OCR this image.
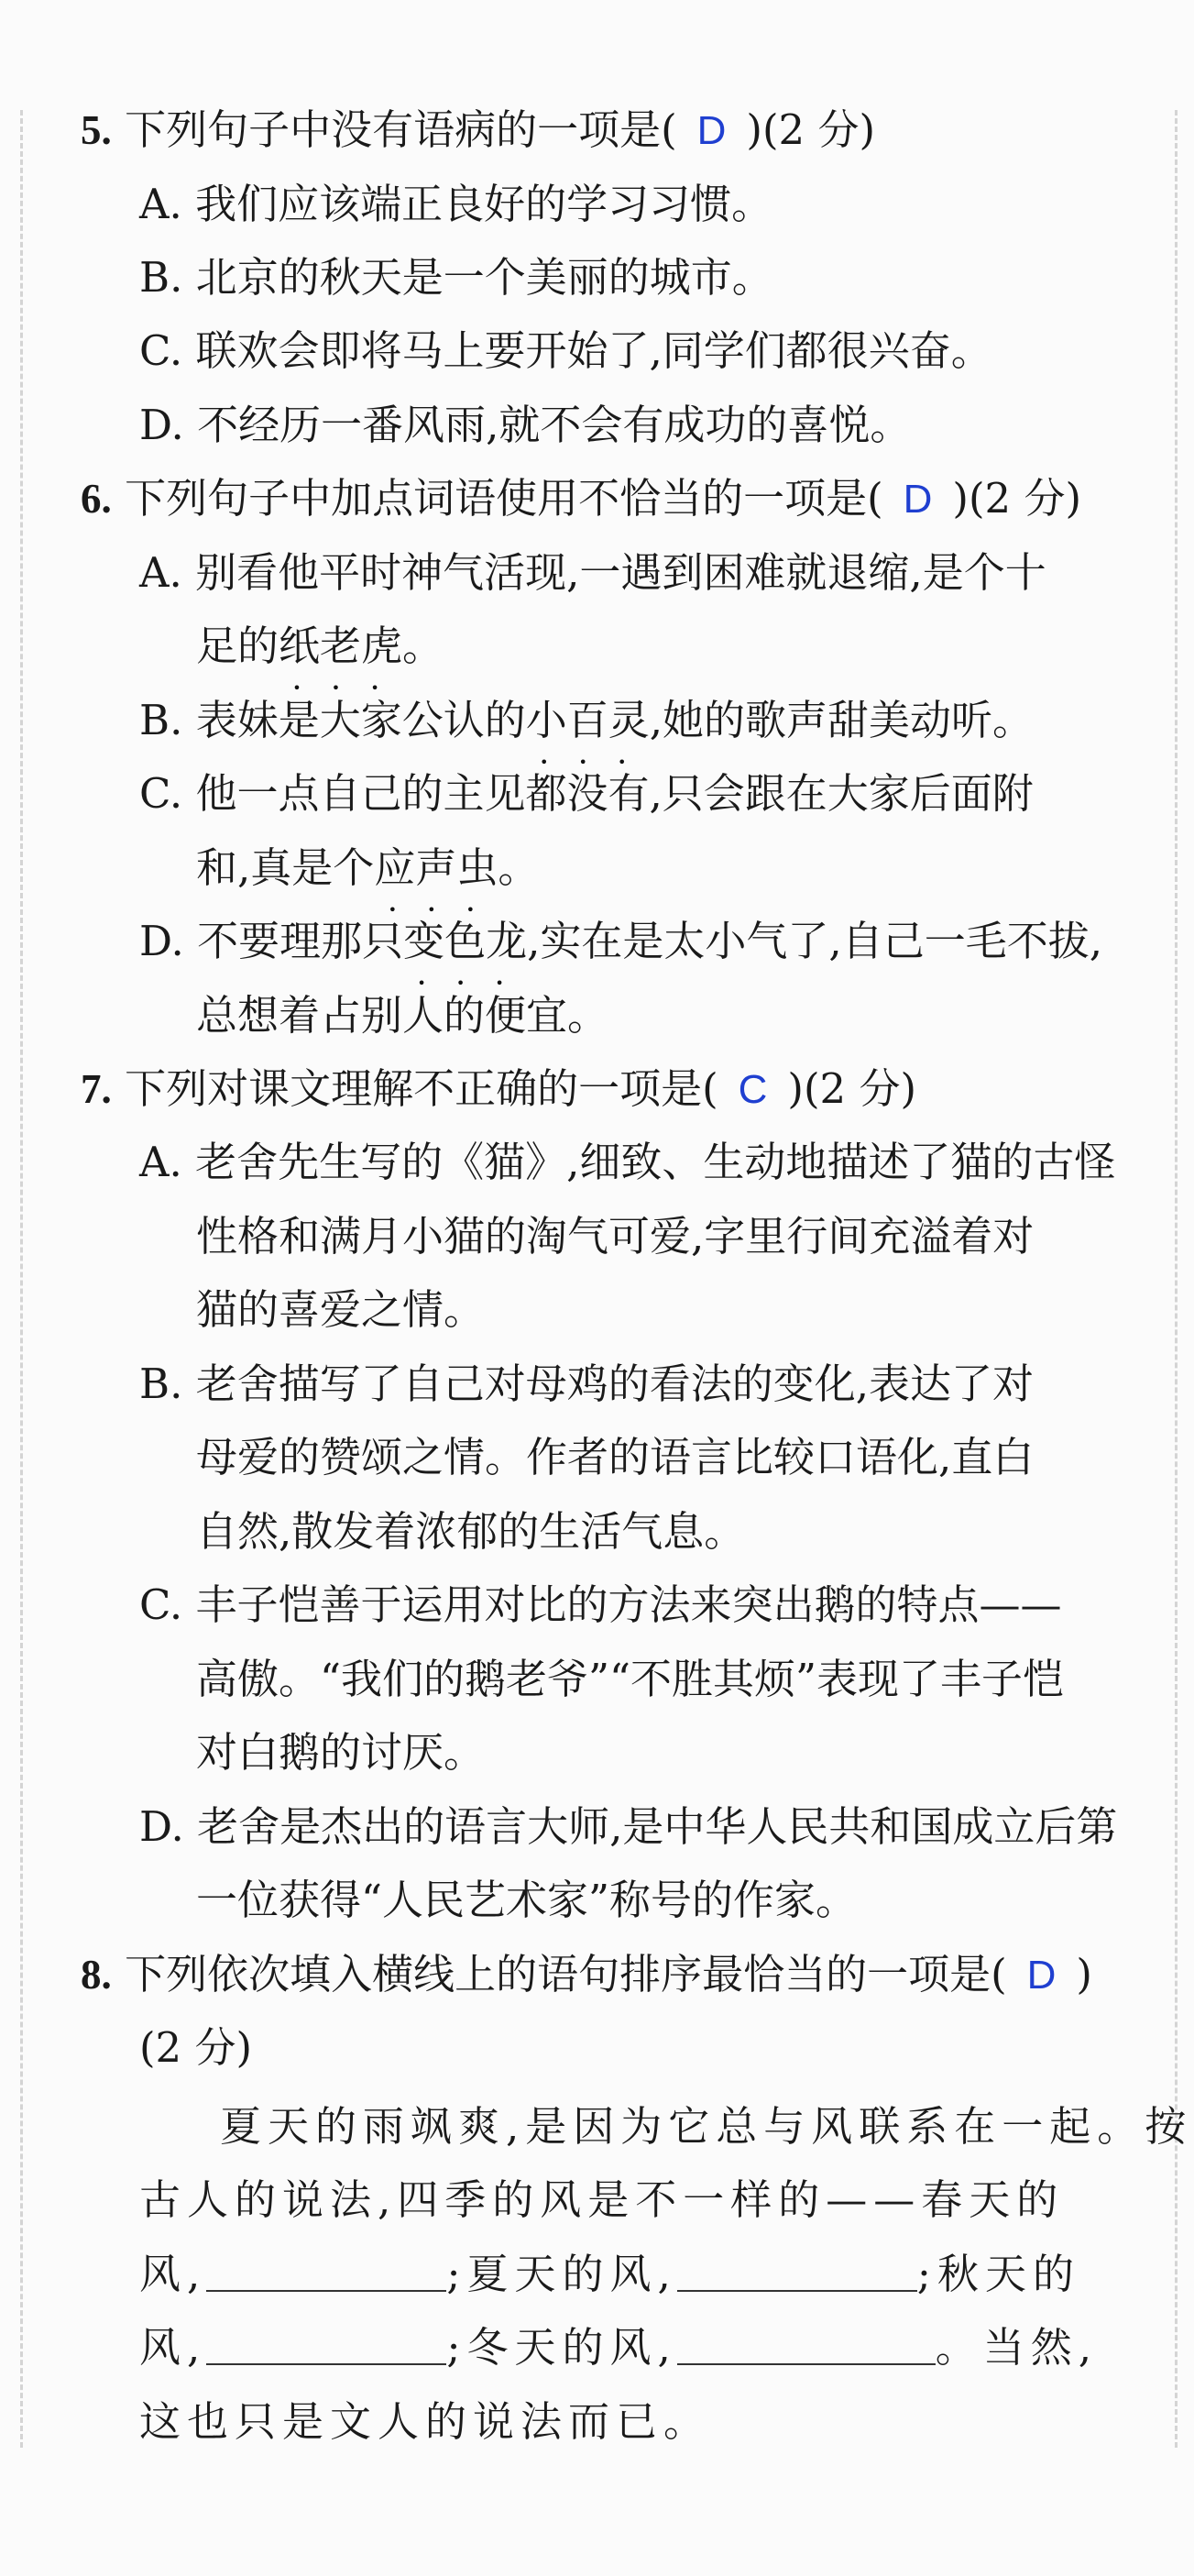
5. 下列句子中没有语病的一项是( D )(2 分)
A. 我们应该端正良好的学习习惯。
B. 北京的秋天是一个美丽的城市。
C. 联欢会即将马上要开始了,同学们都很兴奋。
D. 不经历一番风雨,就不会有成功的喜悦。
6. 下列句子中加点词语使用不恰当的一项是( D )(2 分)
A. 别看他平时神气活现,一遇到困难就退缩,是个十
足的纸老虎 • • •。
B. 表妹是大家公认的小百灵 • • •,她的歌声甜美动听。
C. 他一点自己的主见都没有,只会跟在大家后面附
和,真是个应声虫 • • •。
D. 不要理那只变色龙 • • •,实在是太小气了,自己一毛不拔,
总想着占别人的便宜。
7. 下列对课文理解不正确的一项是( C )(2 分)
A. 老舍先生写的《猫》,细致、生动地描述了猫的古怪
性格和满月小猫的淘气可爱,字里行间充溢着对
猫的喜爱之情。
B. 老舍描写了自己对母鸡的看法的变化,表达了对
母爱的赞颂之情。作者的语言比较口语化,直白
自然,散发着浓郁的生活气息。
C. 丰子恺善于运用对比的方法来突出鹅的特点——
高傲。“我们的鹅老爷”“不胜其烦”表现了丰子恺
对白鹅的讨厌。
D. 老舍是杰出的语言大师,是中华人民共和国成立后第
一位获得“人民艺术家”称号的作家。
8. 下列依次填入横线上的语句排序最恰当的一项是( D )
(2 分)
夏天的雨飒爽,是因为它总与风联系在一起。按
古人的说法,四季的风是不一样的——春天的
风,	;夏天的风,	;秋天的
风,	;冬天的风,	。当然,
这也只是文人的说法而已。
